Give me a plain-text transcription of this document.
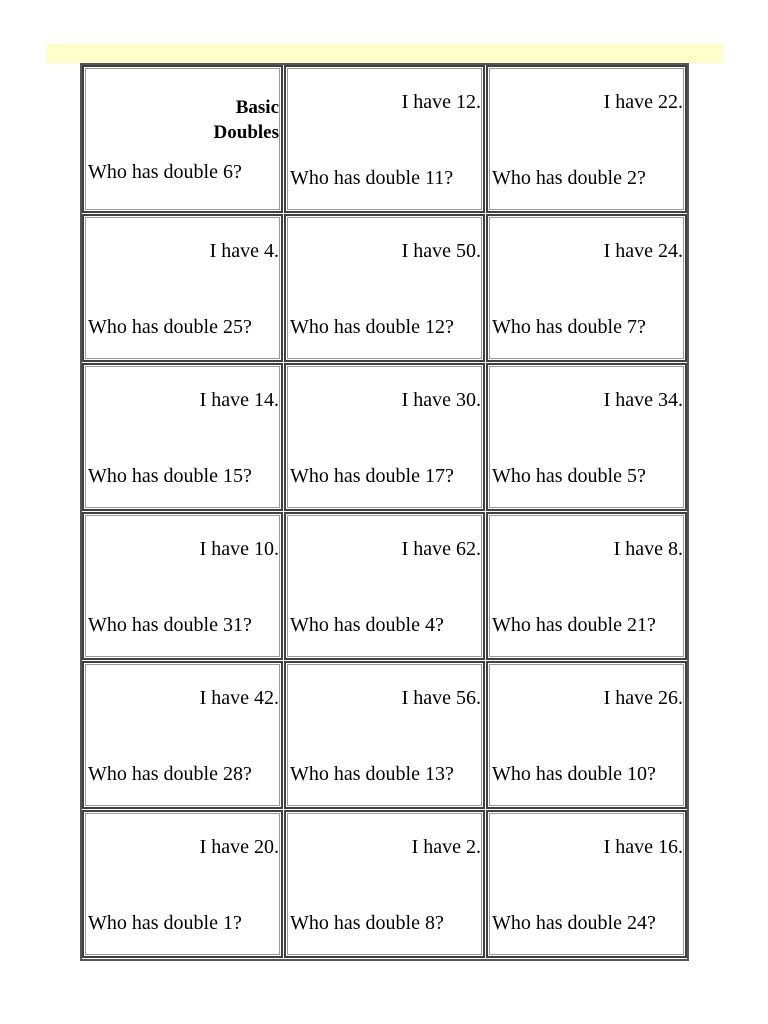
Basic
Doubles
Who has double 6?
I have 12.
Who has double 11?
I have 22.
Who has double 2?
I have 4.
Who has double 25?
I have 50.
Who has double 12?
I have 24.
Who has double 7?
I have 14.
Who has double 15?
I have 30.
Who has double 17?
I have 34.
Who has double 5?
I have 10.
Who has double 31?
I have 62.
Who has double 4?
I have 8.
Who has double 21?
I have 42.
Who has double 28?
I have 56.
Who has double 13?
I have 26.
Who has double 10?
I have 20.
Who has double 1?
I have 2.
Who has double 8?
I have 16.
Who has double 24?
